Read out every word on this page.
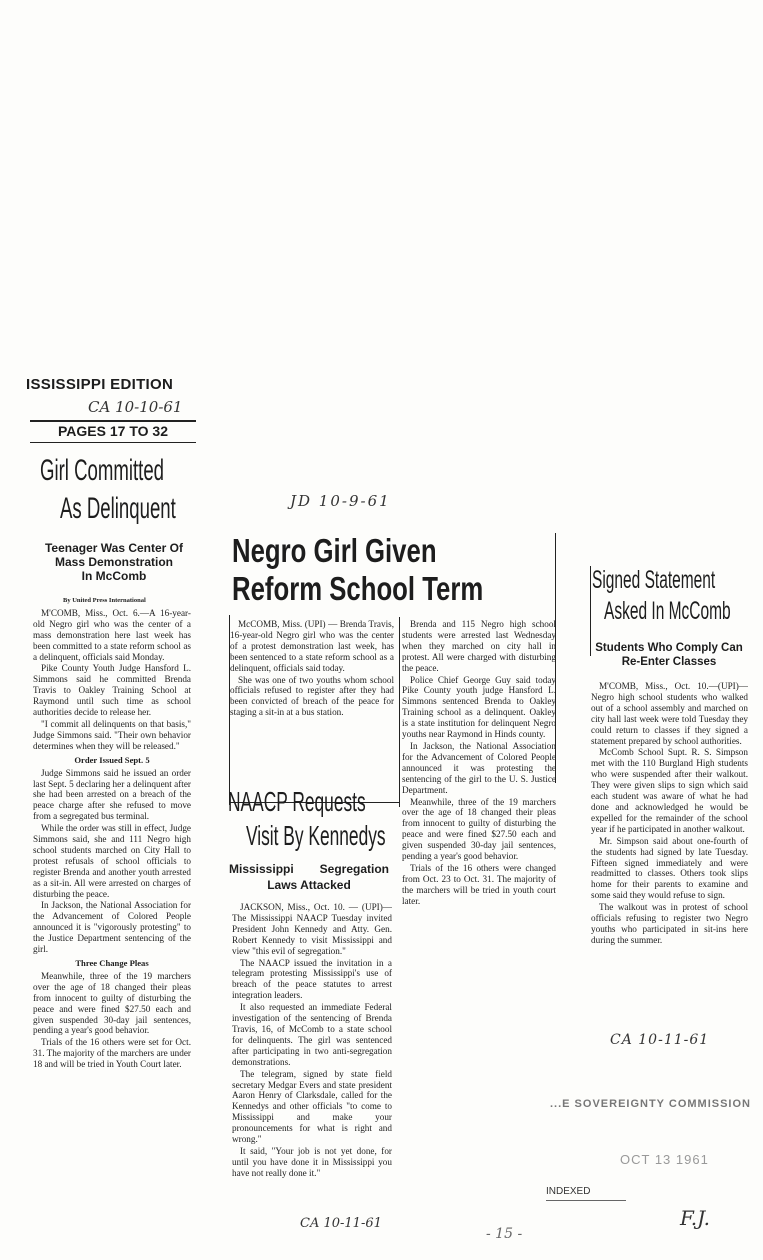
ISSISSIPPI EDITION
CA 10-10-61
PAGES 17 TO 32
Girl Committed
As Delinquent
Teenager Was Center Of
Mass Demonstration
In McComb
By United Press International

M'COMB, Miss., Oct. 6.—A 16-year-old Negro girl who was the center of a mass demonstration here last week has been committed to a state reform school as a delinquent, officials said Monday.

Pike County Youth Judge Hansford L. Simmons said he committed Brenda Travis to Oakley Training School at Raymond until such time as school authorities decide to release her.

"I commit all delinquents on that basis," Judge Simmons said. "Their own behavior determines when they will be released."

Order Issued Sept. 5

Judge Simmons said he issued an order last Sept. 5 declaring her a delinquent after she had been arrested on a breach of the peace charge after she refused to move from a segregated bus terminal.

While the order was still in effect, Judge Simmons said, she and 111 Negro high school students marched on City Hall to protest refusals of school officials to register Brenda and another youth arrested as a sit-in. All were arrested on charges of disturbing the peace.

In Jackson, the National Association for the Advancement of Colored People announced it is "vigorously protesting" to the Justice Department sentencing of the girl.

Three Change Pleas

Meanwhile, three of the 19 marchers over the age of 18 changed their pleas from innocent to guilty of disturbing the peace and were fined $27.50 each and given suspended 30-day jail sentences, pending a year's good behavior.

Trials of the 16 others were set for Oct. 31. The majority of the marchers are under 18 and will be tried in Youth Court later.

JD 10-9-61
Negro Girl Given
Reform School Term

McCOMB, Miss. (UPI) — Brenda Travis, 16-year-old Negro girl who was the center of a protest demonstration last week, has been sentenced to a state reform school as a delinquent, officials said today.

She was one of two youths whom school officials refused to register after they had been convicted of breach of the peace for staging a sit-in at a bus station.

Brenda and 115 Negro high school students were arrested last Wednesday when they marched on city hall in protest. All were charged with disturbing the peace.

Police Chief George Guy said today Pike County youth judge Hansford L. Simmons sentenced Brenda to Oakley Training school as a delinquent. Oakley is a state institution for delinquent Negro youths near Raymond in Hinds county.

In Jackson, the National Association for the Advancement of Colored People announced it was protesting the sentencing of the girl to the U. S. Justice Department.

Meanwhile, three of the 19 marchers over the age of 18 changed their pleas from innocent to guilty of disturbing the peace and were fined $27.50 each and given suspended 30-day jail sentences, pending a year's good behavior.

Trials of the 16 others were changed from Oct. 23 to Oct. 31. The majority of the marchers will be tried in youth court later.

NAACP Requests
Visit By Kennedys
Mississippi Segregation
Laws Attacked

JACKSON, Miss., Oct. 10. — (UPI)—The Mississippi NAACP Tuesday invited President John Kennedy and Atty. Gen. Robert Kennedy to visit Mississippi and view "this evil of segregation."

The NAACP issued the invitation in a telegram protesting Mississippi's use of breach of the peace statutes to arrest integration leaders.

It also requested an immediate Federal investigation of the sentencing of Brenda Travis, 16, of McComb to a state school for delinquents. The girl was sentenced after participating in two anti-segregation demonstrations.

The telegram, signed by state field secretary Medgar Evers and state president Aaron Henry of Clarksdale, called for the Kennedys and other officials "to come to Mississippi and make your pronouncements for what is right and wrong."

It said, "Your job is not yet done, for until you have done it in Mississippi you have not really done it."

CA 10-11-61
Signed Statement
Asked In McComb
Students Who Comply Can
Re-Enter Classes

M'COMB, Miss., Oct. 10.—(UPI)—Negro high school students who walked out of a school assembly and marched on city hall last week were told Tuesday they could return to classes if they signed a statement prepared by school authorities.

McComb School Supt. R. S. Simpson met with the 110 Burgland High students who were suspended after their walkout. They were given slips to sign which said each student was aware of what he had done and acknowledged he would be expelled for the remainder of the school year if he participated in another walkout.

Mr. Simpson said about one-fourth of the students had signed by late Tuesday. Fifteen signed immediately and were readmitted to classes. Others took slips home for their parents to examine and some said they would refuse to sign.

The walkout was in protest of school officials refusing to register two Negro youths who participated in sit-ins here during the summer.

CA 10-11-61
...E SOVEREIGNTY COMMISSION
OCT 13 1961
INDEXED
F.J.
- 15 -
